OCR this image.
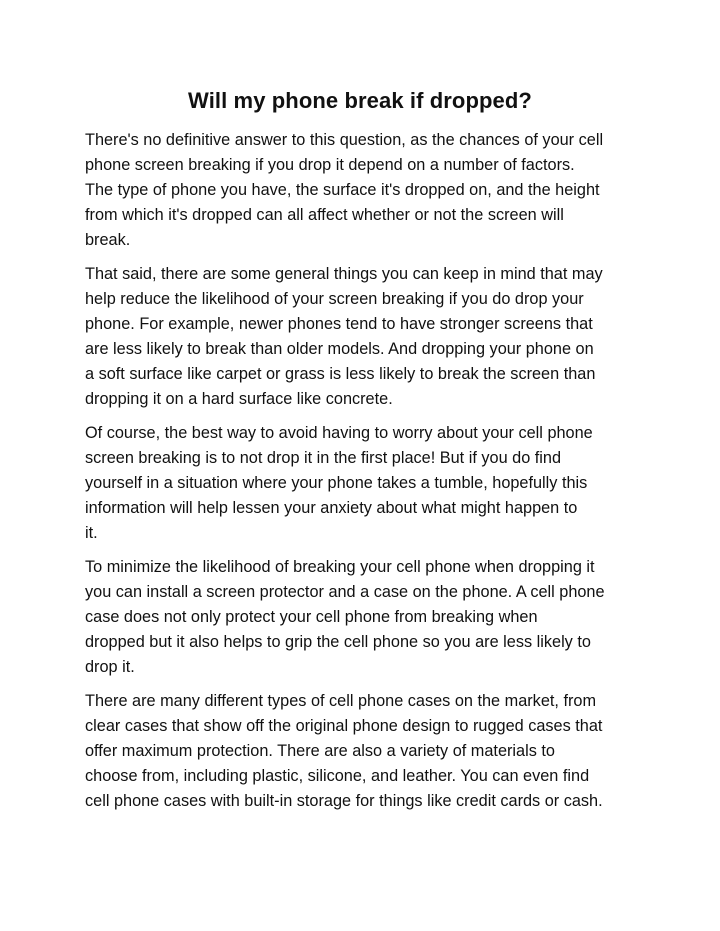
Will my phone break if dropped?

There's no definitive answer to this question, as the chances of your cell
phone screen breaking if you drop it depend on a number of factors.
The type of phone you have, the surface it's dropped on, and the height
from which it's dropped can all affect whether or not the screen will
break.

That said, there are some general things you can keep in mind that may
help reduce the likelihood of your screen breaking if you do drop your
phone. For example, newer phones tend to have stronger screens that
are less likely to break than older models. And dropping your phone on
a soft surface like carpet or grass is less likely to break the screen than
dropping it on a hard surface like concrete.

Of course, the best way to avoid having to worry about your cell phone
screen breaking is to not drop it in the first place! But if you do find
yourself in a situation where your phone takes a tumble, hopefully this
information will help lessen your anxiety about what might happen to
it.

To minimize the likelihood of breaking your cell phone when dropping it
you can install a screen protector and a case on the phone. A cell phone
case does not only protect your cell phone from breaking when
dropped but it also helps to grip the cell phone so you are less likely to
drop it.

There are many different types of cell phone cases on the market, from
clear cases that show off the original phone design to rugged cases that
offer maximum protection. There are also a variety of materials to
choose from, including plastic, silicone, and leather. You can even find
cell phone cases with built-in storage for things like credit cards or cash.
